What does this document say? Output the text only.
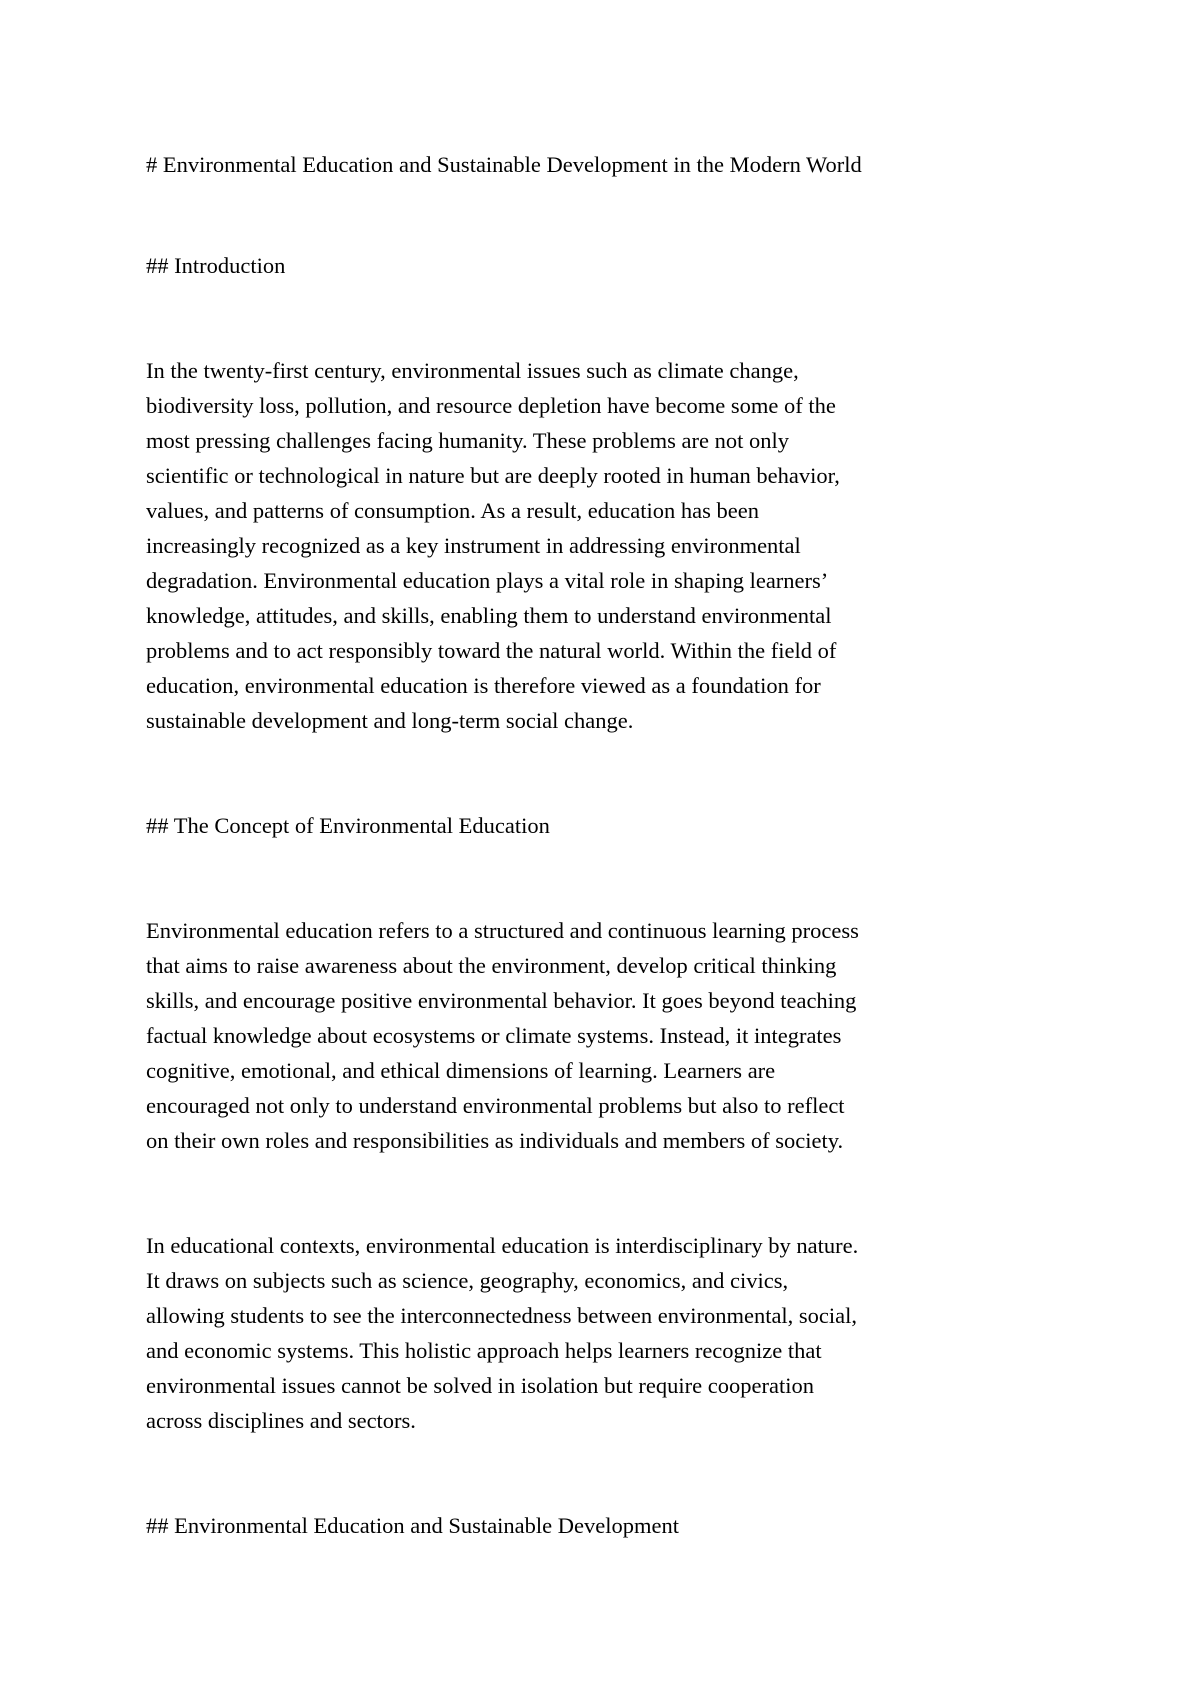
# Environmental Education and Sustainable Development in the Modern World
## Introduction
In the twenty-first century, environmental issues such as climate change,
biodiversity loss, pollution, and resource depletion have become some of the
most pressing challenges facing humanity. These problems are not only
scientific or technological in nature but are deeply rooted in human behavior,
values, and patterns of consumption. As a result, education has been
increasingly recognized as a key instrument in addressing environmental
degradation. Environmental education plays a vital role in shaping learners’
knowledge, attitudes, and skills, enabling them to understand environmental
problems and to act responsibly toward the natural world. Within the field of
education, environmental education is therefore viewed as a foundation for
sustainable development and long-term social change.
## The Concept of Environmental Education
Environmental education refers to a structured and continuous learning process
that aims to raise awareness about the environment, develop critical thinking
skills, and encourage positive environmental behavior. It goes beyond teaching
factual knowledge about ecosystems or climate systems. Instead, it integrates
cognitive, emotional, and ethical dimensions of learning. Learners are
encouraged not only to understand environmental problems but also to reflect
on their own roles and responsibilities as individuals and members of society.
In educational contexts, environmental education is interdisciplinary by nature.
It draws on subjects such as science, geography, economics, and civics,
allowing students to see the interconnectedness between environmental, social,
and economic systems. This holistic approach helps learners recognize that
environmental issues cannot be solved in isolation but require cooperation
across disciplines and sectors.
## Environmental Education and Sustainable Development
